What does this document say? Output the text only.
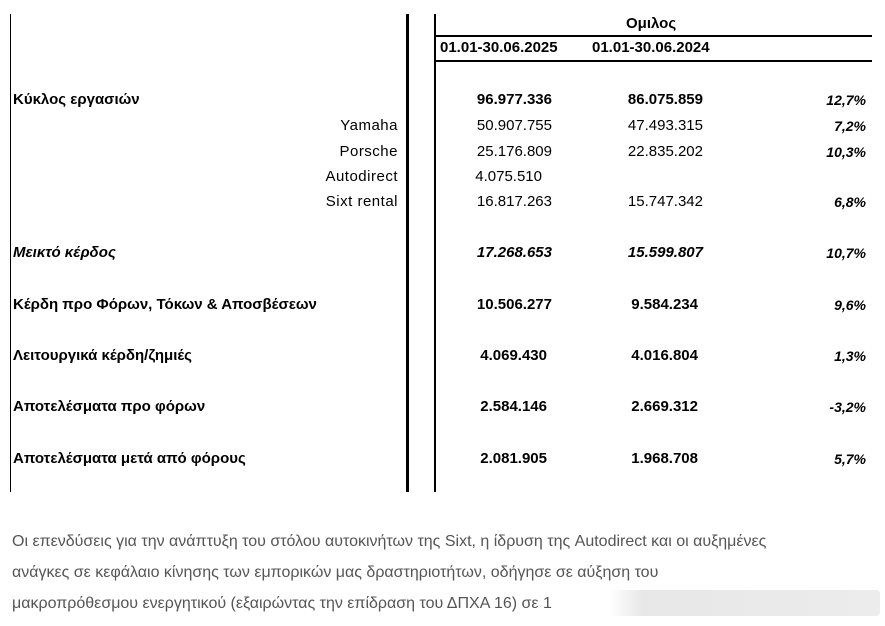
Ομιλος
01.01-30.06.2025 01.01-30.06.2024
Κύκλος εργασιών	96.977.336	86.075.859	12,7%
Yamaha	50.907.755	47.493.315	7,2%
Porsche	25.176.809	22.835.202	10,3%
Autodirect	4.075.510
Sixt rental	16.817.263	15.747.342	6,8%
Μεικτό κέρδος	17.268.653	15.599.807	10,7%
Κέρδη προ Φόρων, Τόκων & Αποσβέσεων	10.506.277	9.584.234	9,6%
Λειτουργικά κέρδη/ζημιές	4.069.430	4.016.804	1,3%
Αποτελέσματα προ φόρων	2.584.146	2.669.312	-3,2%
Αποτελέσματα μετά από φόρους	2.081.905	1.968.708	5,7%
Οι επενδύσεις για την ανάπτυξη του στόλου αυτοκινήτων της Sixt, η ίδρυση της Autodirect και οι αυξημένες
ανάγκες σε κεφάλαιο κίνησης των εμπορικών μας δραστηριοτήτων, οδήγησε σε αύξηση του
μακροπρόθεσμου ενεργητικού (εξαιρώντας την επίδραση του ΔΠΧΑ 16) σε 1
